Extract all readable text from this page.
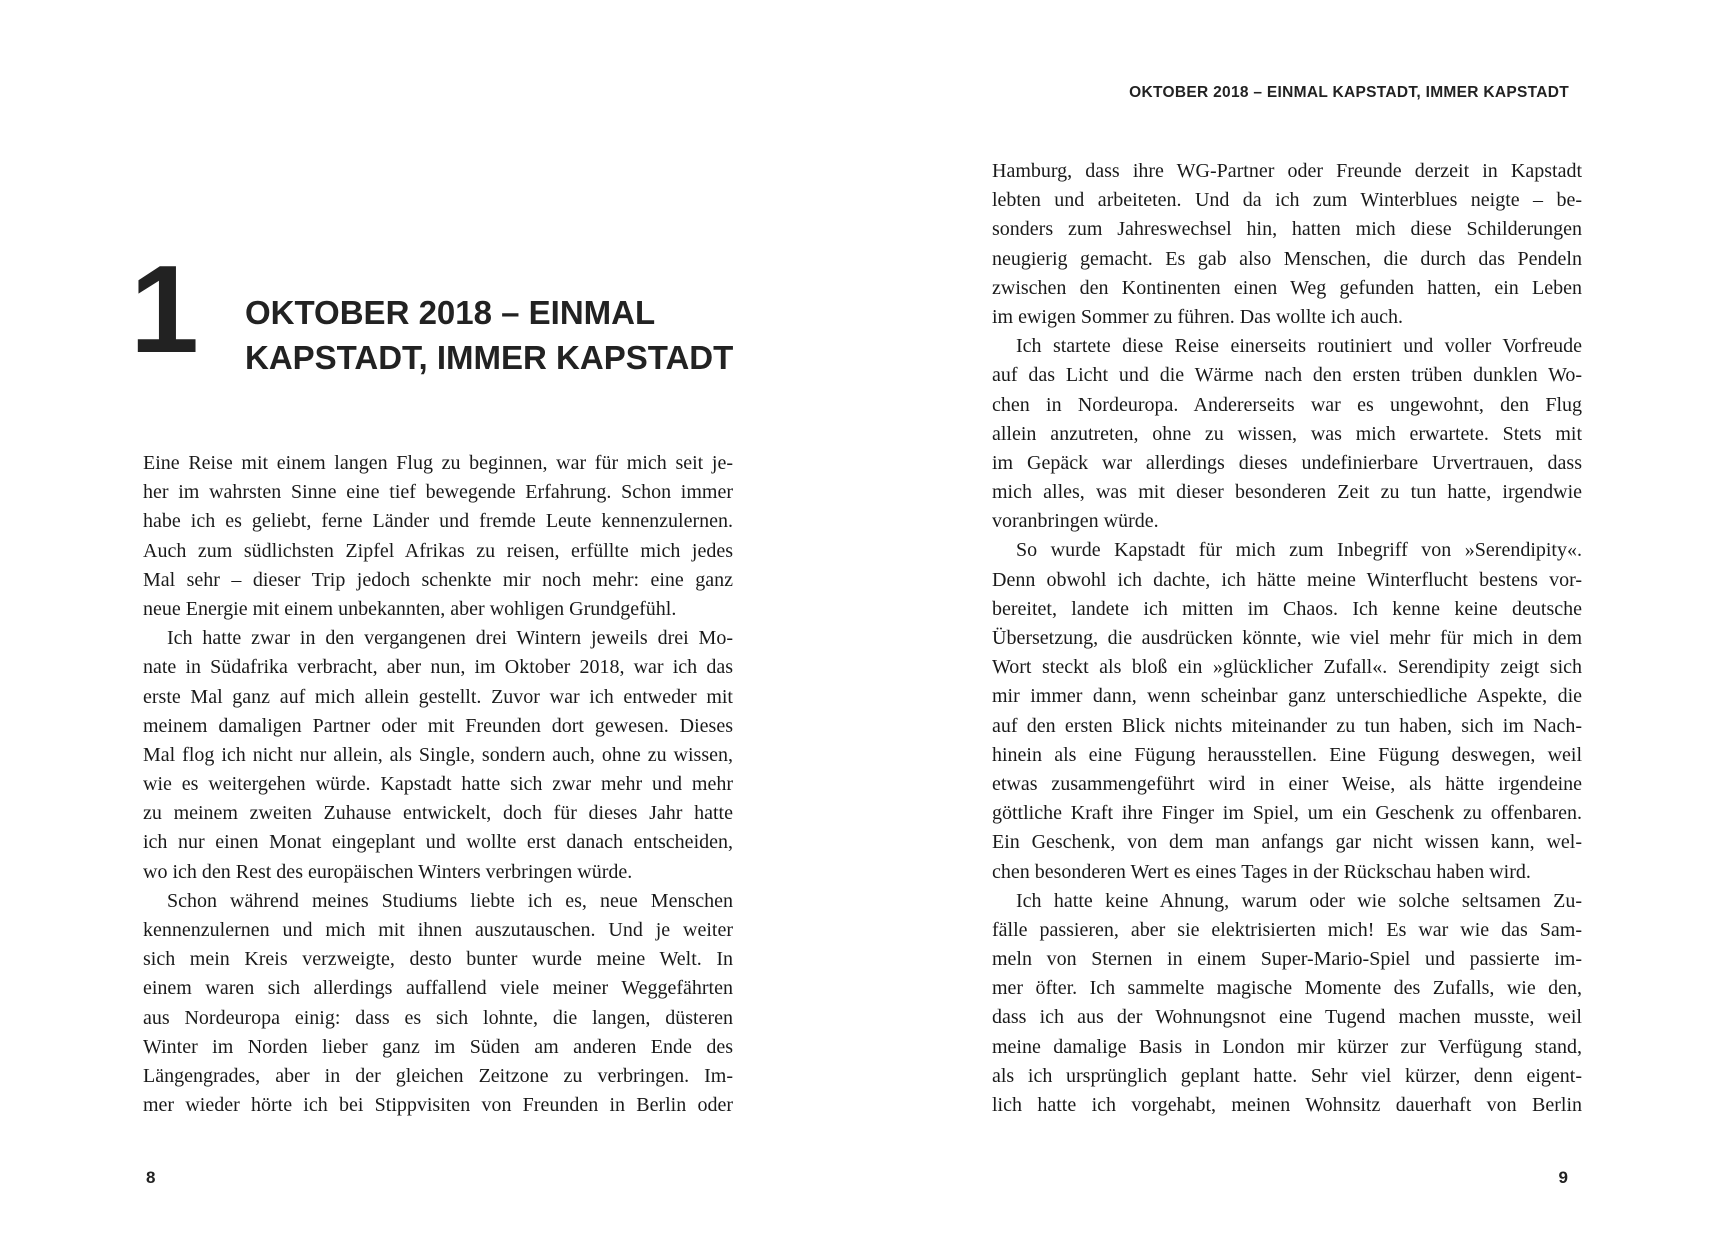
1 OKTOBER 2018 – EINMAL
KAPSTADT, IMMER KAPSTADT
Eine Reise mit einem langen Flug zu beginnen, war für mich seit je-
her im wahrsten Sinne eine tief bewegende Erfahrung. Schon immer
habe ich es geliebt, ferne Länder und fremde Leute kennenzulernen.
Auch zum südlichsten Zipfel Afrikas zu reisen, erfüllte mich jedes
Mal sehr – dieser Trip jedoch schenkte mir noch mehr: eine ganz
neue Energie mit einem unbekannten, aber wohligen Grundgefühl.
Ich hatte zwar in den vergangenen drei Wintern jeweils drei Mo-
nate in Südafrika verbracht, aber nun, im Oktober 2018, war ich das
erste Mal ganz auf mich allein gestellt. Zuvor war ich entweder mit
meinem damaligen Partner oder mit Freunden dort gewesen. Dieses
Mal flog ich nicht nur allein, als Single, sondern auch, ohne zu wissen,
wie es weitergehen würde. Kapstadt hatte sich zwar mehr und mehr
zu meinem zweiten Zuhause entwickelt, doch für dieses Jahr hatte
ich nur einen Monat eingeplant und wollte erst danach entscheiden,
wo ich den Rest des europäischen Winters verbringen würde.
Schon während meines Studiums liebte ich es, neue Menschen
kennenzulernen und mich mit ihnen auszutauschen. Und je weiter
sich mein Kreis verzweigte, desto bunter wurde meine Welt. In
einem waren sich allerdings auffallend viele meiner Weggefährten
aus Nordeuropa einig: dass es sich lohnte, die langen, düsteren
Winter im Norden lieber ganz im Süden am anderen Ende des
Längengrades, aber in der gleichen Zeitzone zu verbringen. Im-
mer wieder hörte ich bei Stippvisiten von Freunden in Berlin oder
8
OKTOBER 2018 – EINMAL KAPSTADT, IMMER KAPSTADT
Hamburg, dass ihre WG-Partner oder Freunde derzeit in Kapstadt
lebten und arbeiteten. Und da ich zum Winterblues neigte – be-
sonders zum Jahreswechsel hin, hatten mich diese Schilderungen
neugierig gemacht. Es gab also Menschen, die durch das Pendeln
zwischen den Kontinenten einen Weg gefunden hatten, ein Leben
im ewigen Sommer zu führen. Das wollte ich auch.
Ich startete diese Reise einerseits routiniert und voller Vorfreude
auf das Licht und die Wärme nach den ersten trüben dunklen Wo-
chen in Nordeuropa. Andererseits war es ungewohnt, den Flug
allein anzutreten, ohne zu wissen, was mich erwartete. Stets mit
im Gepäck war allerdings dieses undefinierbare Urvertrauen, dass
mich alles, was mit dieser besonderen Zeit zu tun hatte, irgendwie
voranbringen würde.
So wurde Kapstadt für mich zum Inbegriff von »Serendipity«.
Denn obwohl ich dachte, ich hätte meine Winterflucht bestens vor-
bereitet, landete ich mitten im Chaos. Ich kenne keine deutsche
Übersetzung, die ausdrücken könnte, wie viel mehr für mich in dem
Wort steckt als bloß ein »glücklicher Zufall«. Serendipity zeigt sich
mir immer dann, wenn scheinbar ganz unterschiedliche Aspekte, die
auf den ersten Blick nichts miteinander zu tun haben, sich im Nach-
hinein als eine Fügung herausstellen. Eine Fügung deswegen, weil
etwas zusammengeführt wird in einer Weise, als hätte irgendeine
göttliche Kraft ihre Finger im Spiel, um ein Geschenk zu offenbaren.
Ein Geschenk, von dem man anfangs gar nicht wissen kann, wel-
chen besonderen Wert es eines Tages in der Rückschau haben wird.
Ich hatte keine Ahnung, warum oder wie solche seltsamen Zu-
fälle passieren, aber sie elektrisierten mich! Es war wie das Sam-
meln von Sternen in einem Super-Mario-Spiel und passierte im-
mer öfter. Ich sammelte magische Momente des Zufalls, wie den,
dass ich aus der Wohnungsnot eine Tugend machen musste, weil
meine damalige Basis in London mir kürzer zur Verfügung stand,
als ich ursprünglich geplant hatte. Sehr viel kürzer, denn eigent-
lich hatte ich vorgehabt, meinen Wohnsitz dauerhaft von Berlin
9
